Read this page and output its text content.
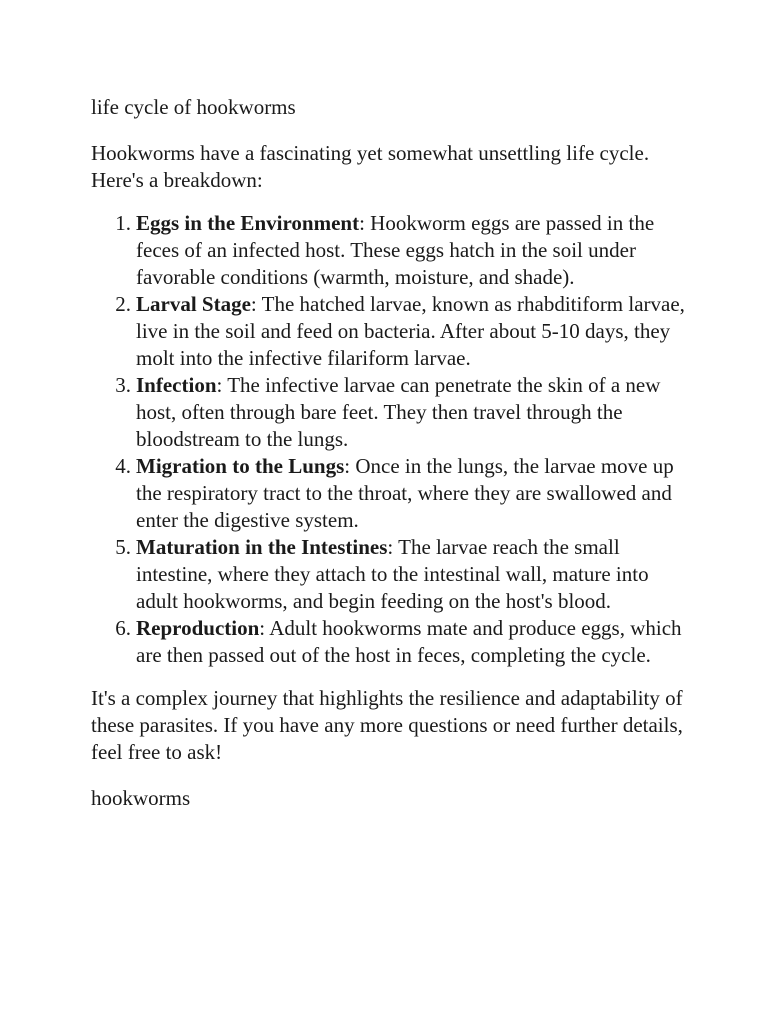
life cycle of hookworms

Hookworms have a fascinating yet somewhat unsettling life cycle. Here's a breakdown:

1. Eggs in the Environment: Hookworm eggs are passed in the feces of an infected host. These eggs hatch in the soil under favorable conditions (warmth, moisture, and shade).
2. Larval Stage: The hatched larvae, known as rhabditiform larvae, live in the soil and feed on bacteria. After about 5-10 days, they molt into the infective filariform larvae.
3. Infection: The infective larvae can penetrate the skin of a new host, often through bare feet. They then travel through the bloodstream to the lungs.
4. Migration to the Lungs: Once in the lungs, the larvae move up the respiratory tract to the throat, where they are swallowed and enter the digestive system.
5. Maturation in the Intestines: The larvae reach the small intestine, where they attach to the intestinal wall, mature into adult hookworms, and begin feeding on the host's blood.
6. Reproduction: Adult hookworms mate and produce eggs, which are then passed out of the host in feces, completing the cycle.

It's a complex journey that highlights the resilience and adaptability of these parasites. If you have any more questions or need further details, feel free to ask!

hookworms
